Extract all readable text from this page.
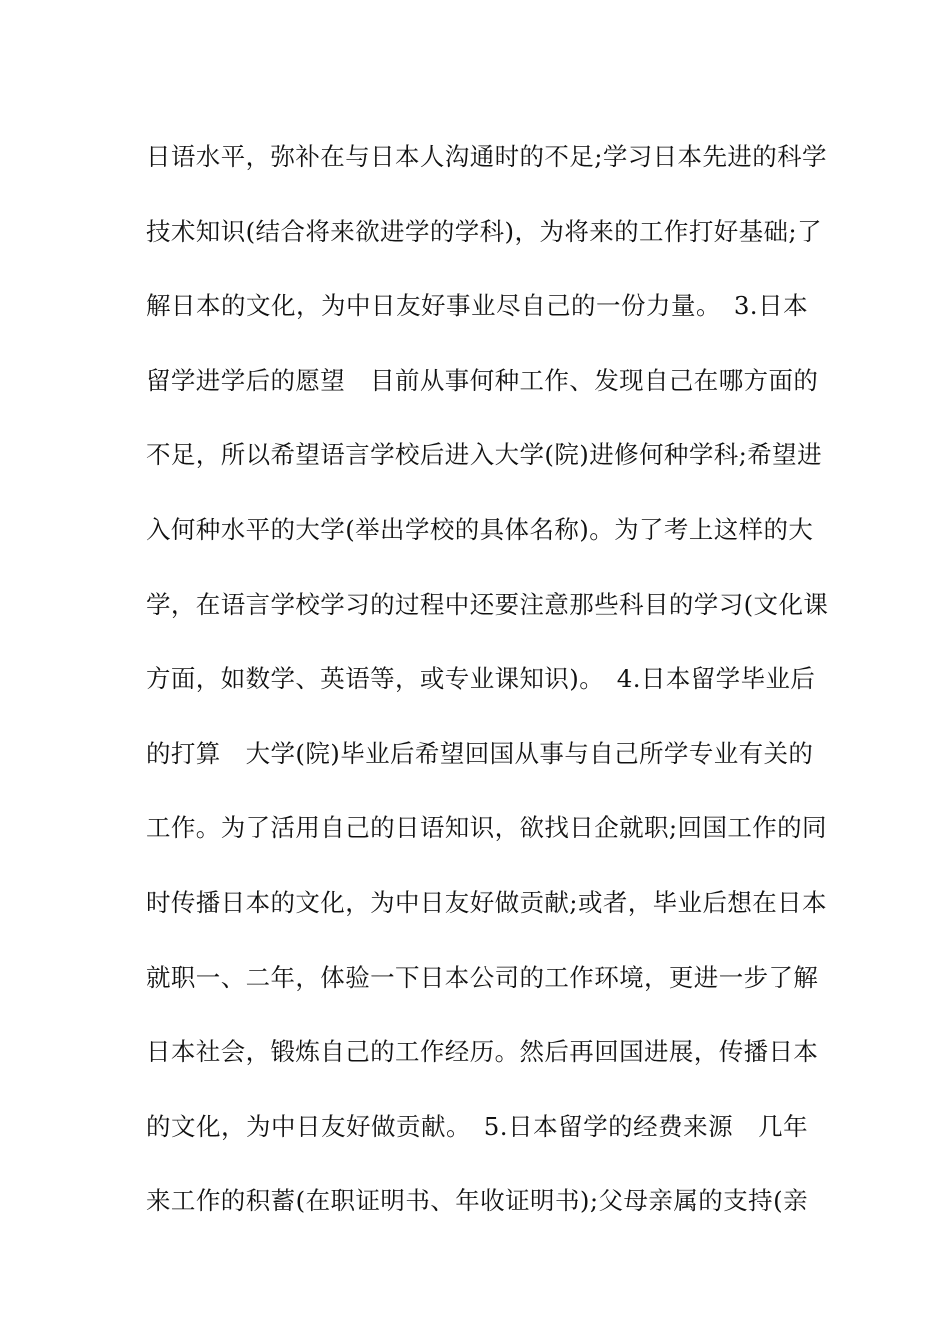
日语水平，弥补在与日本人沟通时的不足;学习日本先进的科学
技术知识(结合将来欲进学的学科)，为将来的工作打好基础;了
解日本的文化，为中日友好事业尽自己的一份力量。　3.日本
留学进学后的愿望　目前从事何种工作、发现自己在哪方面的
不足，所以希望语言学校后进入大学(院)进修何种学科;希望进
入何种水平的大学(举出学校的具体名称)。为了考上这样的大
学，在语言学校学习的过程中还要注意那些科目的学习(文化课
方面，如数学、英语等，或专业课知识)。　4.日本留学毕业后
的打算　大学(院)毕业后希望回国从事与自己所学专业有关的
工作。为了活用自己的日语知识，欲找日企就职;回国工作的同
时传播日本的文化，为中日友好做贡献;或者，毕业后想在日本
就职一、二年，体验一下日本公司的工作环境，更进一步了解
日本社会，锻炼自己的工作经历。然后再回国进展，传播日本
的文化，为中日友好做贡献。　5.日本留学的经费来源　几年
来工作的积蓄(在职证明书、年收证明书);父母亲属的支持(亲
